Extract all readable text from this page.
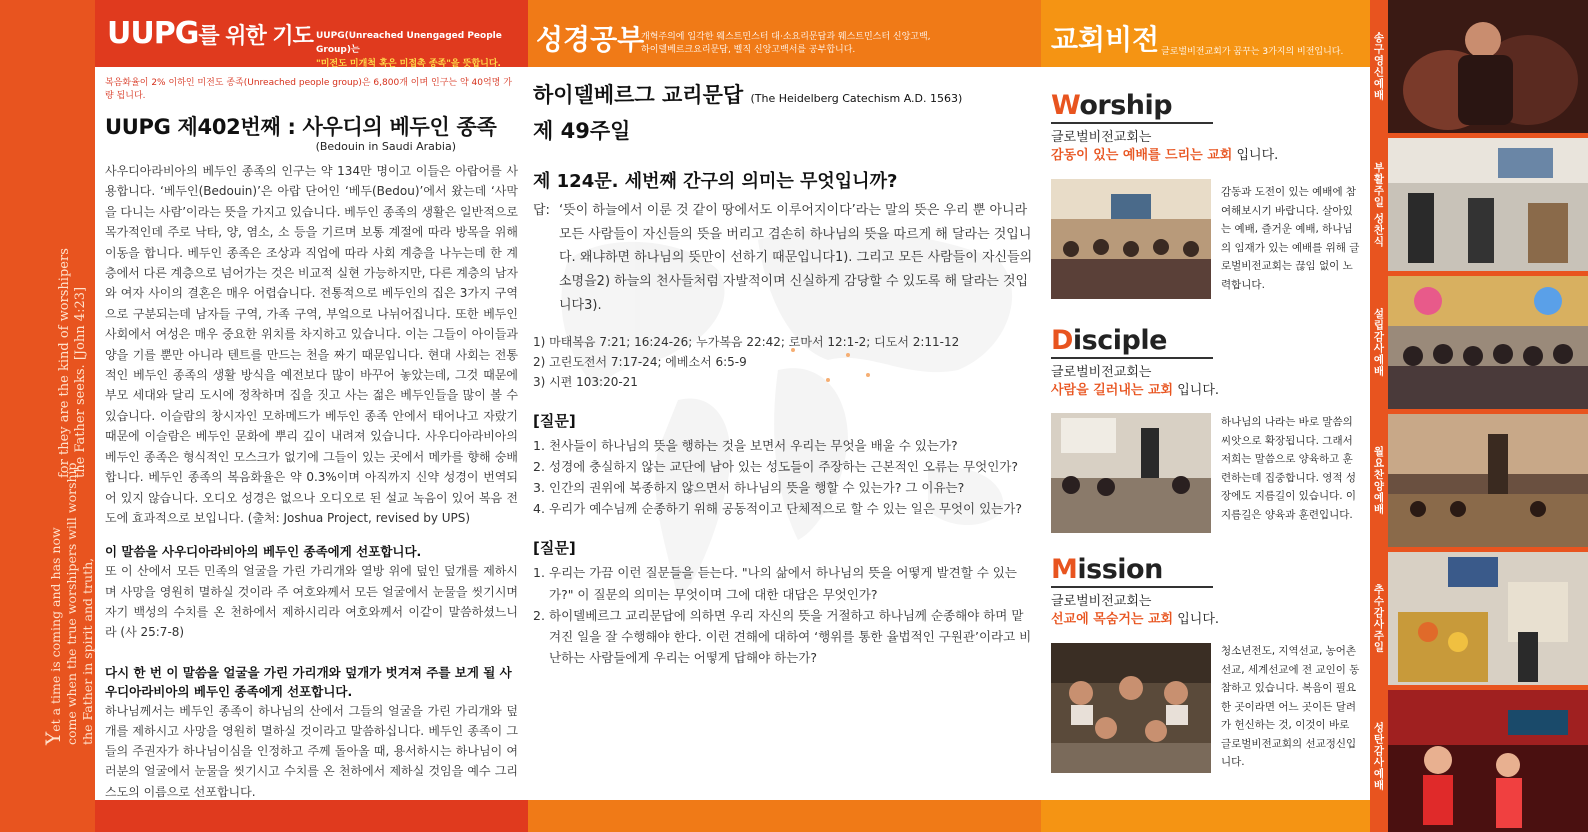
for they are the kind of worshipers the Father seeks. [John 4:23]
Yet a time is coming and has now come when the true worshipers will worship the Father in spirit and truth,
송구영신예배
부활주일 성찬식
설립감사예배
월요찬양예배
추수감사주일
성탄감사예배
UUPG를 위한 기도 UUPG(Unreached Unengaged People Group)는
"미전도 미개척 혹은 미접촉 종족"을 뜻합니다.
성경공부
개혁주의에 입각한 웨스트민스터 대·소요리문답과 웨스트민스터 신앙고백,
하이델베르크요리문답, 벨직 신앙고백서를 공부합니다.	교회비전 글로벌비전교회가 꿈꾸는 3가지의 비전입니다.
복음화율이 2% 이하인 미전도 종족(Unreached people group)은 6,800개 이며 인구는 약 40억명 가량 됩니다.
UUPG 제402번째 : 사우디의 베두인 종족
(Bedouin in Saudi Arabia)

사우디아라비아의 베두인 종족의 인구는 약 134만 명이고 이들은 아랍어를 사용합니다. ‘베두인(Bedouin)’은 아랍 단어인 ‘베두(Bedou)’에서 왔는데 ‘사막을 다니는 사람’이라는 뜻을 가지고 있습니다. 베두인 종족의 생활은 일반적으로 목가적인데 주로 낙타, 양, 염소, 소 등을 기르며 보통 계절에 따라 방목을 위해 이동을 합니다. 베두인 종족은 조상과 직업에 따라 사회 계층을 나누는데 한 계층에서 다른 계층으로 넘어가는 것은 비교적 실현 가능하지만, 다른 계층의 남자와 여자 사이의 결혼은 매우 어렵습니다. 전통적으로 베두인의 집은 3가지 구역으로 구분되는데 남자들 구역, 가족 구역, 부엌으로 나뉘어집니다. 또한 베두인 사회에서 여성은 매우 중요한 위치를 차지하고 있습니다. 이는 그들이 아이들과 양을 기를 뿐만 아니라 텐트를 만드는 천을 짜기 때문입니다. 현대 사회는 전통적인 베두인 종족의 생활 방식을 예전보다 많이 바꾸어 놓았는데, 그것 때문에 부모 세대와 달리 도시에 정착하며 집을 짓고 사는 젊은 베두인들을 많이 볼 수 있습니다. 이슬람의 창시자인 모하메드가 베두인 종족 안에서 태어나고 자랐기 때문에 이슬람은 베두인 문화에 뿌리 깊이 내려져 있습니다. 사우디아라비아의 베두인 종족은 형식적인 모스크가 없기에 그들이 있는 곳에서 메카를 향해 숭배합니다. 베두인 종족의 복음화율은 약 0.3%이며 아직까지 신약 성경이 번역되어 있지 않습니다. 오디오 성경은 없으나 오디오로 된 설교 녹음이 있어 복음 전도에 효과적으로 보입니다. (출처: Joshua Project, revised by UPS)

이 말씀을 사우디아라비아의 베두인 종족에게 선포합니다.

또 이 산에서 모든 민족의 얼굴을 가린 가리개와 열방 위에 덮인 덮개를 제하시며 사망을 영원히 멸하실 것이라 주 여호와께서 모든 얼굴에서 눈물을 씻기시며 자기 백성의 수치를 온 천하에서 제하시리라 여호와께서 이같이 말씀하셨느니라 (사 25:7-8)

다시 한 번 이 말씀을 얼굴을 가린 가리개와 덮개가 벗겨져 주를 보게 될 사우디아라비아의 베두인 종족에게 선포합니다.

하나님께서는 베두인 종족이 하나님의 산에서 그들의 얼굴을 가린 가리개와 덮개를 제하시고 사망을 영원히 멸하실 것이라고 말씀하십니다. 베두인 종족이 그들의 주권자가 하나님이심을 인정하고 주께 돌아올 때, 용서하시는 하나님이 여러분의 얼굴에서 눈물을 씻기시고 수치를 온 천하에서 제하실 것임을 예수 그리스도의 이름으로 선포합니다.

하이델베르그 교리문답 (The Heidelberg Catechism A.D. 1563)
제 49주일
제 124문. 세번째 간구의 의미는 무엇입니까?
답: ‘뜻이 하늘에서 이룬 것 같이 땅에서도 이루어지이다’라는 말의 뜻은 우리 뿐 아니라 모든 사람들이 자신들의 뜻을 버리고 겸손히 하나님의 뜻을 따르게 해 달라는 것입니다. 왜냐하면 하나님의 뜻만이 선하기 때문입니다1). 그리고 모든 사람들이 자신들의 소명을2) 하늘의 천사들처럼 자발적이며 신실하게 감당할 수 있도록 해 달라는 것입니다3).
1) 마태복음 7:21; 16:24-26; 누가복음 22:42; 로마서 12:1-2; 디도서 2:11-12
2) 고린도전서 7:17-24; 에베소서 6:5-9
3) 시편 103:20-21
[질문]
1. 천사들이 하나님의 뜻을 행하는 것을 보면서 우리는 무엇을 배울 수 있는가?
2. 성경에 충실하지 않는 교단에 남아 있는 성도들이 주장하는 근본적인 오류는 무엇인가?
3. 인간의 권위에 복종하지 않으면서 하나님의 뜻을 행할 수 있는가? 그 이유는?
4. 우리가 예수님께 순종하기 위해 공동적이고 단체적으로 할 수 있는 일은 무엇이 있는가?
[질문]
1. 우리는 가끔 이런 질문들을 듣는다. "나의 삶에서 하나님의 뜻을 어떻게 발견할 수 있는가?" 이 질문의 의미는 무엇이며 그에 대한 대답은 무엇인가?
2. 하이델베르그 교리문답에 의하면 우리 자신의 뜻을 거절하고 하나님께 순종해야 하며 맡겨진 일을 잘 수행해야 한다. 이런 견해에 대하여 ‘행위를 통한 율법적인 구원관’이라고 비난하는 사람들에게 우리는 어떻게 답해야 하는가?
Worship
글로벌비전교회는
감동이 있는 예배를 드리는 교회 입니다.
감동과 도전이 있는 예배에 참여해보시기 바랍니다. 살아있는 예배, 즐거운 예배, 하나님의 임재가 있는 예배를 위해 글로벌비전교회는 끊임 없이 노력합니다.
Disciple
글로벌비전교회는
사람을 길러내는 교회 입니다.
하나님의 나라는 바로 말씀의 씨앗으로 확장됩니다. 그래서 저희는 말씀으로 양육하고 훈련하는데 집중합니다. 영적 성장에도 지름길이 있습니다. 이 지름길은 양육과 훈련입니다.
Mission
글로벌비전교회는
선교에 목숨거는 교회 입니다.
청소년전도, 지역선교, 농어촌선교, 세계선교에 전 교인이 동참하고 있습니다. 복음이 필요한 곳이라면 어느 곳이든 달려가 헌신하는 것, 이것이 바로 글로벌비전교회의 선교정신입니다.
